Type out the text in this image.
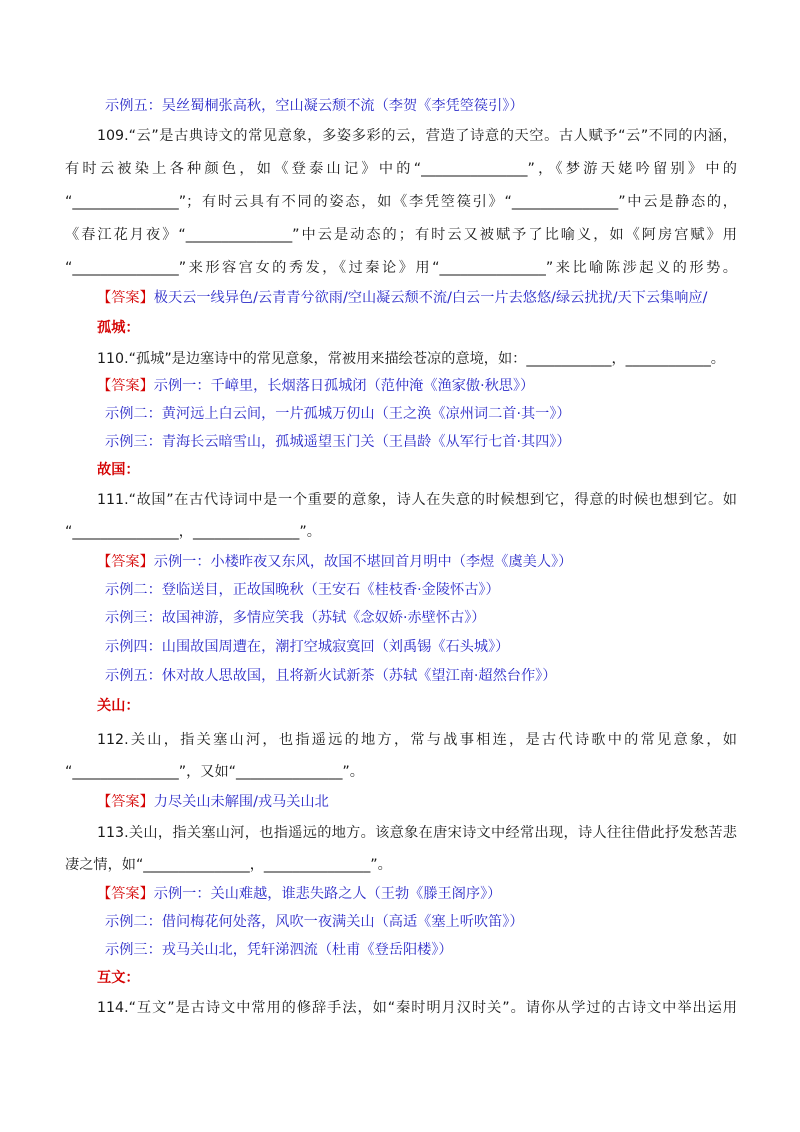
示例五：吴丝蜀桐张高秋，空山凝云颓不流（李贺《李凭箜篌引》）
109.“云”是古典诗文的常见意象，多姿多彩的云，营造了诗意的天空。古人赋予“云”不同的内涵，
有时云被染上各种颜色，如《登泰山记》中的“_______________”，《梦游天姥吟留别》中的
“_______________”；有时云具有不同的姿态，如《李凭箜篌引》“_______________”中云是静态的，
《春江花月夜》“_______________”中云是动态的；有时云又被赋予了比喻义，如《阿房宫赋》用
“_______________”来形容宫女的秀发，《过秦论》用“_______________”来比喻陈涉起义的形势。
【答案】极天云一线异色/云青青兮欲雨/空山凝云颓不流/白云一片去悠悠/绿云扰扰/天下云集响应/
孤城：
110.“孤城”是边塞诗中的常见意象，常被用来描绘苍凉的意境，如：____________，____________。
【答案】示例一：千嶂里，长烟落日孤城闭（范仲淹《渔家傲·秋思》）
示例二：黄河远上白云间，一片孤城万仞山（王之涣《凉州词二首·其一》）
示例三：青海长云暗雪山，孤城遥望玉门关（王昌龄《从军行七首·其四》）
故国：
111.“故国”在古代诗词中是一个重要的意象，诗人在失意的时候想到它，得意的时候也想到它。如
“_______________，_______________”。
【答案】示例一：小楼昨夜又东风，故国不堪回首月明中（李煜《虞美人》）
示例二：登临送目，正故国晚秋（王安石《桂枝香·金陵怀古》）
示例三：故国神游，多情应笑我（苏轼《念奴娇·赤壁怀古》）
示例四：山围故国周遭在，潮打空城寂寞回（刘禹锡《石头城》）
示例五：休对故人思故国，且将新火试新茶（苏轼《望江南·超然台作》）
关山：
112.关山，指关塞山河，也指遥远的地方，常与战事相连，是古代诗歌中的常见意象，如
“_______________”，又如“_______________”。
【答案】力尽关山未解围/戎马关山北
113.关山，指关塞山河，也指遥远的地方。该意象在唐宋诗文中经常出现，诗人往往借此抒发愁苦悲
凄之情，如“_______________，_______________”。
【答案】示例一：关山难越，谁悲失路之人（王勃《滕王阁序》）
示例二：借问梅花何处落，风吹一夜满关山（高适《塞上听吹笛》）
示例三：戎马关山北，凭轩涕泗流（杜甫《登岳阳楼》）
互文：
114.“互文”是古诗文中常用的修辞手法，如“秦时明月汉时关”。请你从学过的古诗文中举出运用
